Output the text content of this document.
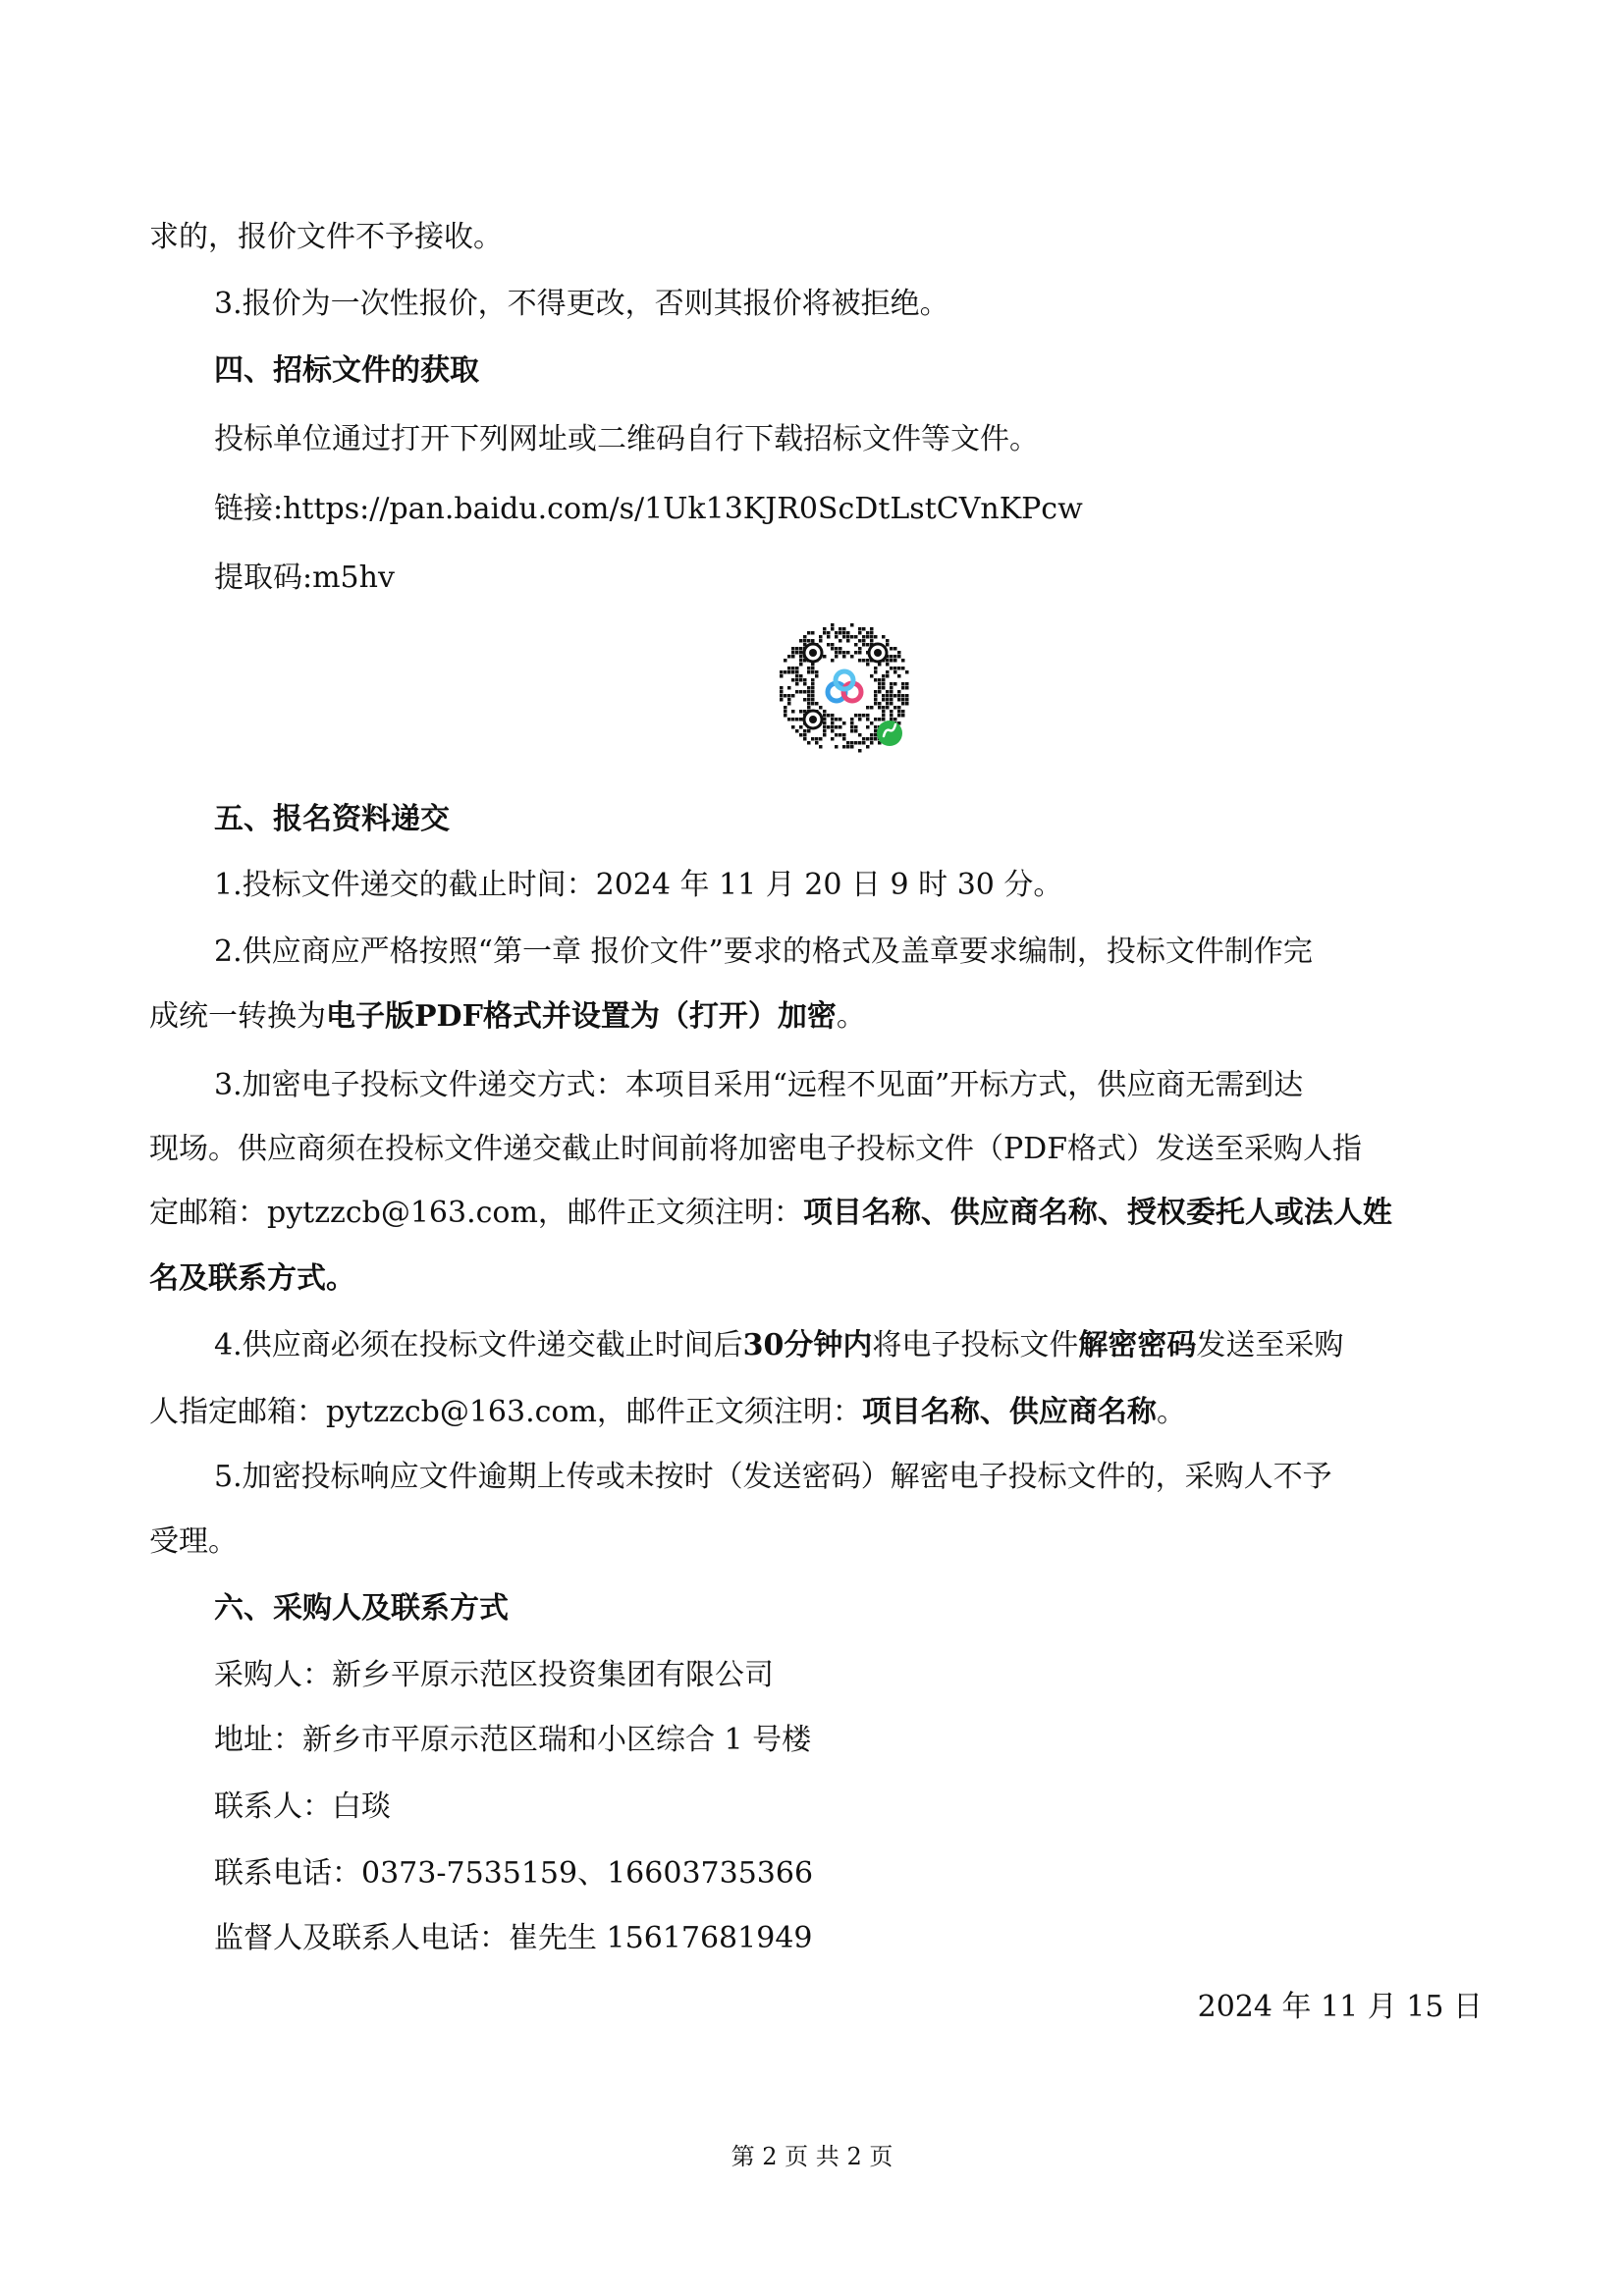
求的，报价文件不予接收。
3.报价为一次性报价，不得更改，否则其报价将被拒绝。
四、招标文件的获取
投标单位通过打开下列网址或二维码自行下载招标文件等文件。
链接:https://pan.baidu.com/s/1Uk13KJR0ScDtLstCVnKPcw
提取码:m5hv
五、报名资料递交
1.投标文件递交的截止时间：2024 年 11 月 20 日 9 时 30 分。
2.供应商应严格按照“第一章 报价文件”要求的格式及盖章要求编制，投标文件制作完
成统一转换为电子版PDF格式并设置为（打开）加密。
3.加密电子投标文件递交方式：本项目采用“远程不见面”开标方式，供应商无需到达
现场。供应商须在投标文件递交截止时间前将加密电子投标文件（PDF格式）发送至采购人指
定邮箱：pytzzcb@163.com，邮件正文须注明：项目名称、供应商名称、授权委托人或法人姓
名及联系方式。
4.供应商必须在投标文件递交截止时间后30分钟内将电子投标文件解密密码发送至采购
人指定邮箱：pytzzcb@163.com，邮件正文须注明：项目名称、供应商名称。
5.加密投标响应文件逾期上传或未按时（发送密码）解密电子投标文件的，采购人不予
受理。
六、采购人及联系方式
采购人：新乡平原示范区投资集团有限公司
地址：新乡市平原示范区瑞和小区综合 1 号楼
联系人：白琰
联系电话：0373-7535159、16603735366
监督人及联系人电话：崔先生 15617681949
2024 年 11 月 15 日
第 2 页 共 2 页
